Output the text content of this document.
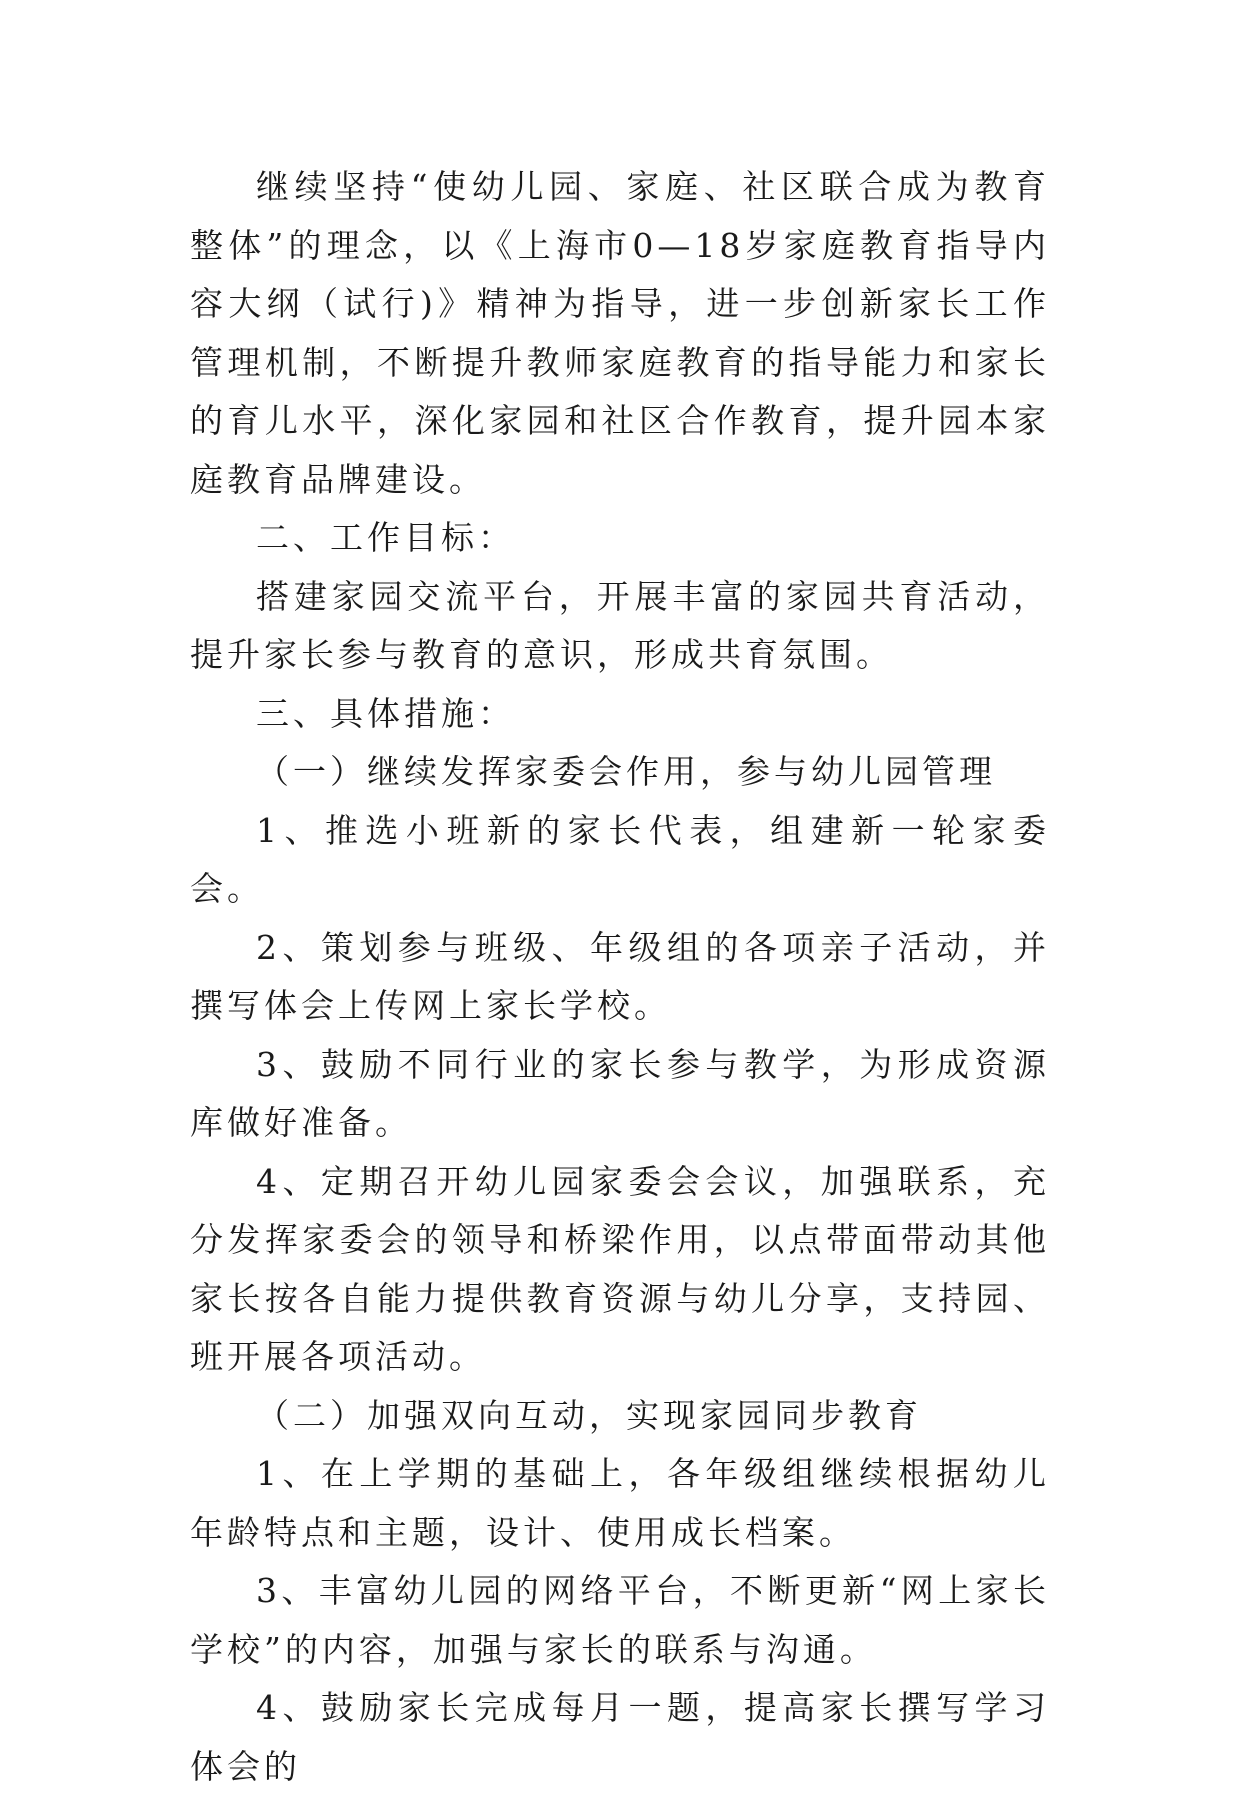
继续坚持“使幼儿园、家庭、社区联合成为教育整体”的理念，以《上海市0—18岁家庭教育指导内容大纲（试行)》精神为指导，进一步创新家长工作管理机制，不断提升教师家庭教育的指导能力和家长的育儿水平，深化家园和社区合作教育，提升园本家庭教育品牌建设。

二、工作目标：

搭建家园交流平台，开展丰富的家园共育活动，提升家长参与教育的意识，形成共育氛围。

三、具体措施：

（一）继续发挥家委会作用，参与幼儿园管理

1、推选小班新的家长代表，组建新一轮家委会。

2、策划参与班级、年级组的各项亲子活动，并撰写体会上传网上家长学校。

3、鼓励不同行业的家长参与教学，为形成资源库做好准备。

4、定期召开幼儿园家委会会议，加强联系，充分发挥家委会的领导和桥梁作用，以点带面带动其他家长按各自能力提供教育资源与幼儿分享，支持园、班开展各项活动。

（二）加强双向互动，实现家园同步教育

1、在上学期的基础上，各年级组继续根据幼儿年龄特点和主题，设计、使用成长档案。

3、丰富幼儿园的网络平台，不断更新“网上家长学校”的内容，加强与家长的联系与沟通。

4、鼓励家长完成每月一题，提高家长撰写学习体会的
